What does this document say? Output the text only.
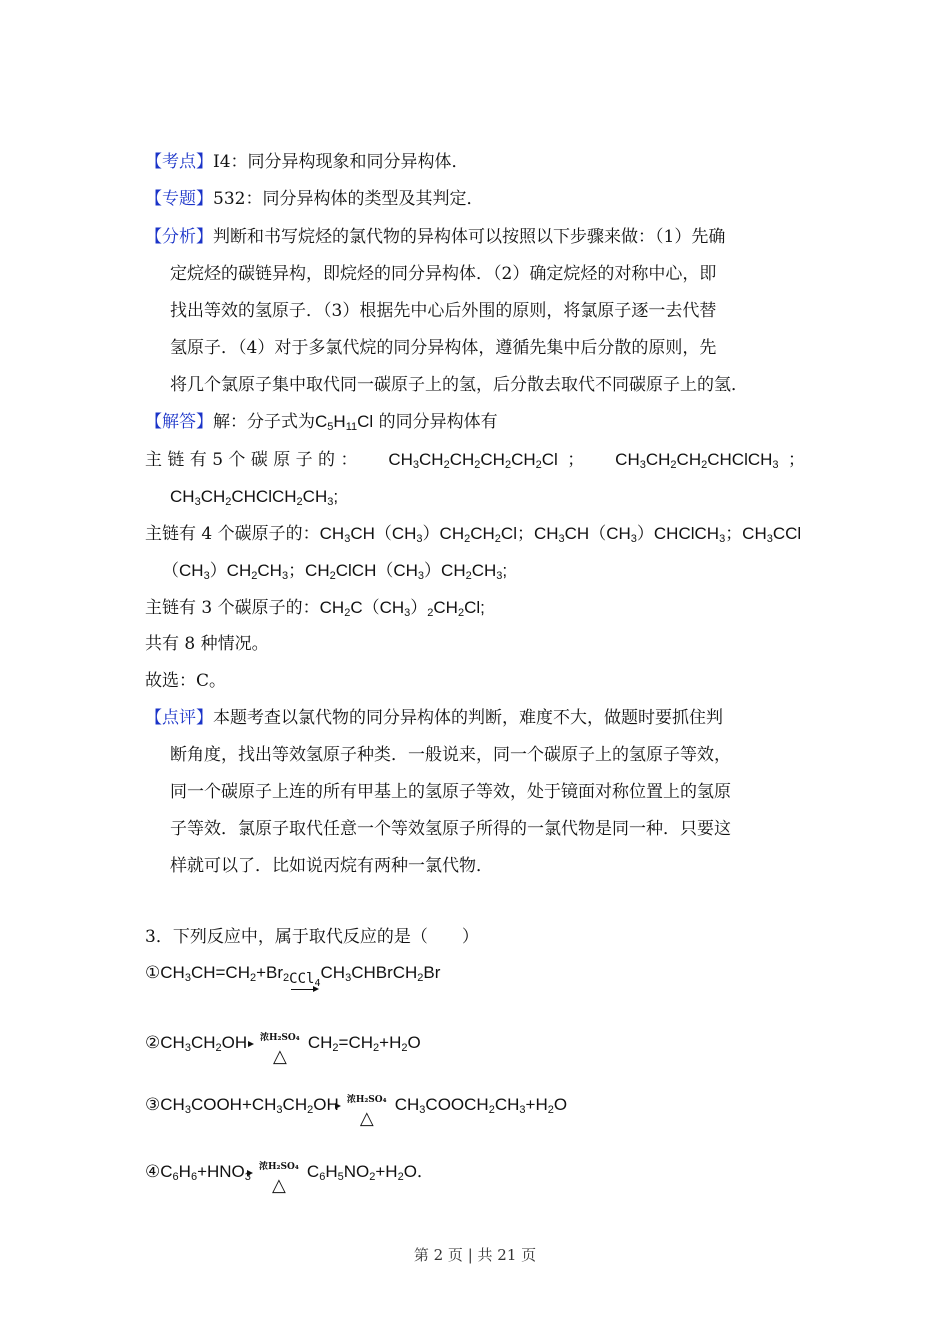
【考点】I4：同分异构现象和同分异构体．
【专题】532：同分异构体的类型及其判定．
【分析】判断和书写烷烃的氯代物的异构体可以按照以下步骤来做：（1）先确
定烷烃的碳链异构，即烷烃的同分异构体．（2）确定烷烃的对称中心，即
找出等效的氢原子．（3）根据先中心后外围的原则，将氯原子逐一去代替
氢原子．（4）对于多氯代烷的同分异构体，遵循先集中后分散的原则，先
将几个氯原子集中取代同一碳原子上的氢，后分散去取代不同碳原子上的氢．
【解答】解：分子式为$C_5H_{11}Cl$ 的同分异构体有
主 链 有 5 个 碳 原 子 的 ： $CH_3CH_2CH_2CH_2CH_2Cl$  ； $CH_3CH_2CH_2CHClCH_3$  ；
$CH_3CH_2CHClCH_2CH_3$;
主链有 4 个碳原子的：$CH_3CH(CH_3)CH_2CH_2Cl$；$CH_3CH(CH_3)CHClCH_3$；$CH_3CCl$
$(CH_3)CH_2CH_3$；$CH_2ClCH(CH_3)CH_2CH_3$;
主链有 3 个碳原子的：$CH_2C(CH_3)_2CH_2Cl$;
共有 8 种情况。
故选：C。
【点评】本题考查以氯代物的同分异构体的判断，难度不大，做题时要抓住判
断角度，找出等效氢原子种类．一般说来，同一个碳原子上的氢原子等效，
同一个碳原子上连的所有甲基上的氢原子等效，处于镜面对称位置上的氢原
子等效．氯原子取代任意一个等效氢原子所得的一氯代物是同一种．只要这
样就可以了．比如说丙烷有两种一氯代物．
3．下列反应中，属于取代反应的是（　　）
$①CH_3CH=CH_2+Br_{2CCl_4}$
$CH_3CHBrCH_2Br$
$②CH_3CH_2OH$ 浓H₂SO₄
△
$CH_2=CH_2+H_2O$
$③CH_3COOH+CH_3CH_2OH$ 浓H₂SO₄
△
$CH_3COOCH_2CH_3+H_2O$
$④C_6H_6+HNO_3$
浓H₂SO₄
△
$C_6H_5NO_2+H_2O$．
第 2 页 | 共 21 页
